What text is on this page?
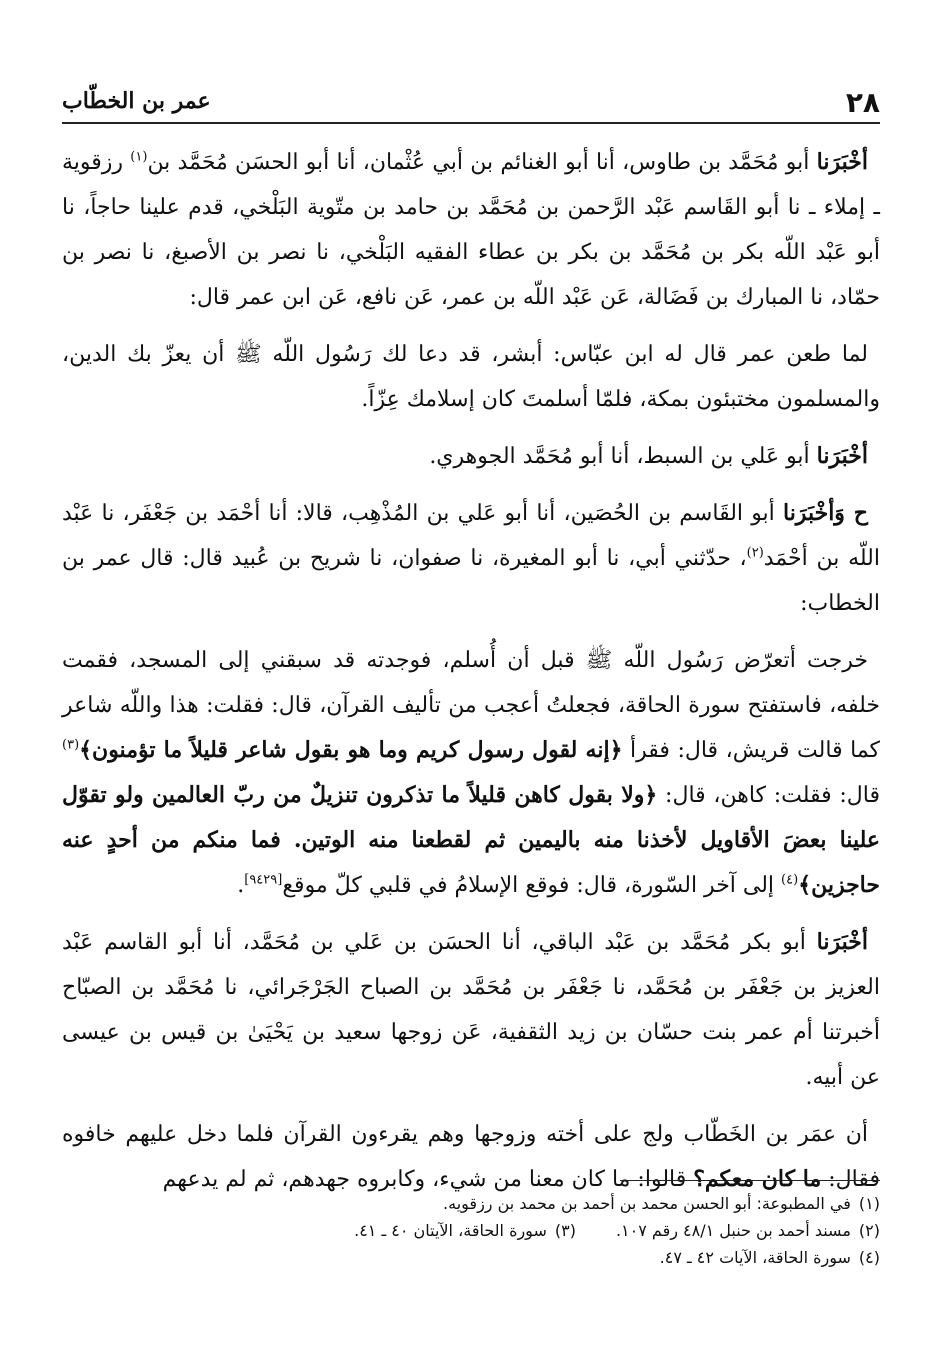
٢٨
عمر بن الخطّاب

أخْبَرَنا أبو مُحَمَّد بن طاوس، أنا أبو الغنائم بن أبي عُثْمان، أنا أبو الحسَن مُحَمَّد بن$^{(١)}$ رزقوية ـ إملاء ـ نا أبو القَاسم عَبْد الرَّحمن بن مُحَمَّد بن حامد بن متّوية البَلْخي، قدم علينا حاجاً، نا أبو عَبْد اللّه بكر بن مُحَمَّد بن بكر بن عطاء الفقيه البَلْخي، نا نصر بن الأصبغ، نا نصر بن حمّاد، نا المبارك بن فَضَالة، عَن عَبْد اللّه بن عمر، عَن نافع، عَن ابن عمر قال:

لما طعن عمر قال له ابن عبّاس: أبشر، قد دعا لك رَسُول اللّه ﷺ أن يعزّ بك الدين، والمسلمون مختبئون بمكة، فلمّا أسلمتَ كان إسلامك عِزّاً.

أخْبَرَنا أبو عَلي بن السبط، أنا أبو مُحَمَّد الجوهري.

ح وَأخْبَرَنا أبو القَاسم بن الحُصَين، أنا أبو عَلي بن المُذْهِب، قالا: أنا أحْمَد بن جَعْفَر، نا عَبْد اللّه بن أحْمَد$^{(٢)}$، حدّثني أبي، نا أبو المغيرة، نا صفوان، نا شريح بن عُبيد قال: قال عمر بن الخطاب:

خرجت أتعرّض رَسُول اللّه ﷺ قبل أن أُسلم، فوجدته قد سبقني إلى المسجد، فقمت خلفه، فاستفتح سورة الحاقة، فجعلتُ أعجب من تأليف القرآن، قال: فقلت: هذا واللّه شاعر كما قالت قريش، قال: فقرأ ﴿إنه لقول رسول كريم وما هو بقول شاعر قليلاً ما تؤمنون﴾$^{(٣)}$ قال: فقلت: كاهن، قال: ﴿ولا بقول كاهن قليلاً ما تذكرون تنزيلٌ من ربّ العالمين ولو تقوّل علينا بعضَ الأقاويل لأخذنا منه باليمين ثم لقطعنا منه الوتين. فما منكم من أحدٍ عنه حاجزين﴾$^{(٤)}$ إلى آخر السّورة، قال: فوقع الإسلامُ في قلبي كلّ موقع[٩٤٢٩].

أخْبَرَنا أبو بكر مُحَمَّد بن عَبْد الباقي، أنا الحسَن بن عَلي بن مُحَمَّد، أنا أبو القاسم عَبْد العزيز بن جَعْفَر بن مُحَمَّد، نا جَعْفَر بن مُحَمَّد بن الصباح الجَرْجَرائي، نا مُحَمَّد بن الصبّاح أخبرتنا أم عمر بنت حسّان بن زيد الثقفية، عَن زوجها سعيد بن يَحْيَىٰ بن قيس بن عيسى عن أبيه.

أن عمَر بن الخَطّاب ولج على أخته وزوجها وهم يقرءون القرآن فلما دخل عليهم خافوه فقال: ما كان معكم؟ قالوا: ما كان معنا من شيء، وكابروه جهدهم، ثم لم يدعهم

(١)
في المطبوعة: أبو الحسن محمد بن أحمد بن محمد بن رزقويه.
(٢)
مسند أحمد بن حنبل ٤٨/١ رقم ١٠٧.
(٣)
سورة الحاقة، الآيتان ٤٠ ـ ٤١.
(٤)
سورة الحاقة، الآيات ٤٢ ـ ٤٧.
